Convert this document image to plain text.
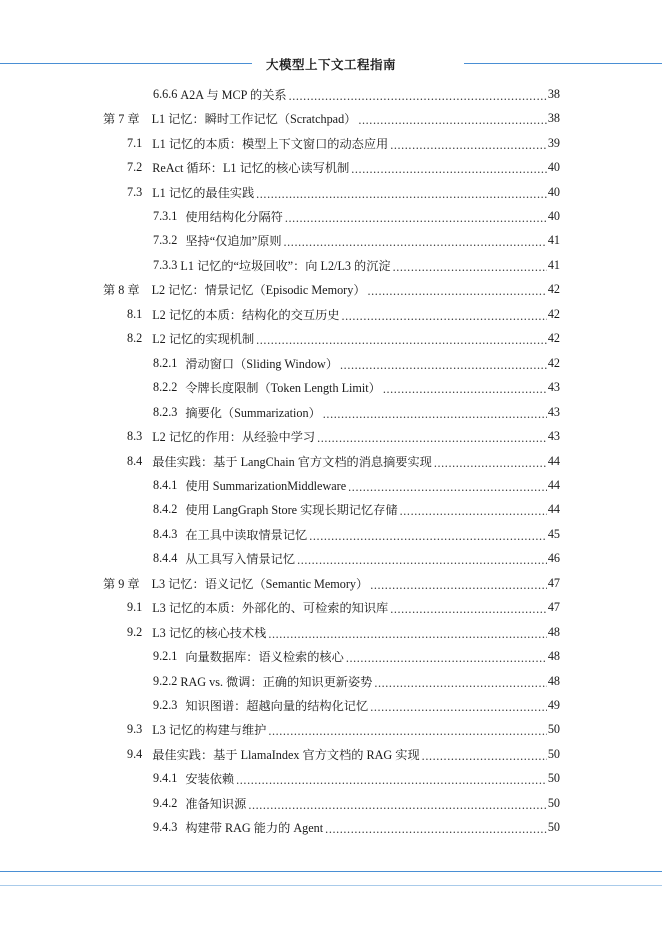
大模型上下文工程指南
6.6.6 A2A 与 MCP 的关系 .....	38
第 7 章 L1 记忆：瞬时工作记忆（Scratchpad） .....	38
7.1 L1 记忆的本质：模型上下文窗口的动态应用 .....	39
7.2 ReAct 循环：L1 记忆的核心读写机制 .....	40
7.3 L1 记忆的最佳实践 .....	40
7.3.1 使用结构化分隔符 .....	40
7.3.2 坚持“仅追加”原则 .....	41
7.3.3 L1 记忆的“垃圾回收”：向 L2/L3 的沉淀 .....	41
第 8 章 L2 记忆：情景记忆（Episodic Memory） .....	42
8.1 L2 记忆的本质：结构化的交互历史 .....	42
8.2 L2 记忆的实现机制 .....	42
8.2.1 滑动窗口（Sliding Window） .....	42
8.2.2 令牌长度限制（Token Length Limit） .....	43
8.2.3 摘要化（Summarization） .....	43
8.3 L2 记忆的作用：从经验中学习 .....	43
8.4 最佳实践：基于 LangChain 官方文档的消息摘要实现 .....	44
8.4.1 使用 SummarizationMiddleware .....	44
8.4.2 使用 LangGraph Store 实现长期记忆存储 .....	44
8.4.3 在工具中读取情景记忆 .....	45
8.4.4 从工具写入情景记忆 .....	46
第 9 章 L3 记忆：语义记忆（Semantic Memory） .....	47
9.1 L3 记忆的本质：外部化的、可检索的知识库 .....	47
9.2 L3 记忆的核心技术栈 .....	48
9.2.1 向量数据库：语义检索的核心 .....	48
9.2.2 RAG vs. 微调：正确的知识更新姿势 .....	48
9.2.3 知识图谱：超越向量的结构化记忆 .....	49
9.3 L3 记忆的构建与维护 .....	50
9.4 最佳实践：基于 LlamaIndex 官方文档的 RAG 实现 .....	50
9.4.1 安装依赖 .....	50
9.4.2 准备知识源 .....	50
9.4.3 构建带 RAG 能力的 Agent .....	50
